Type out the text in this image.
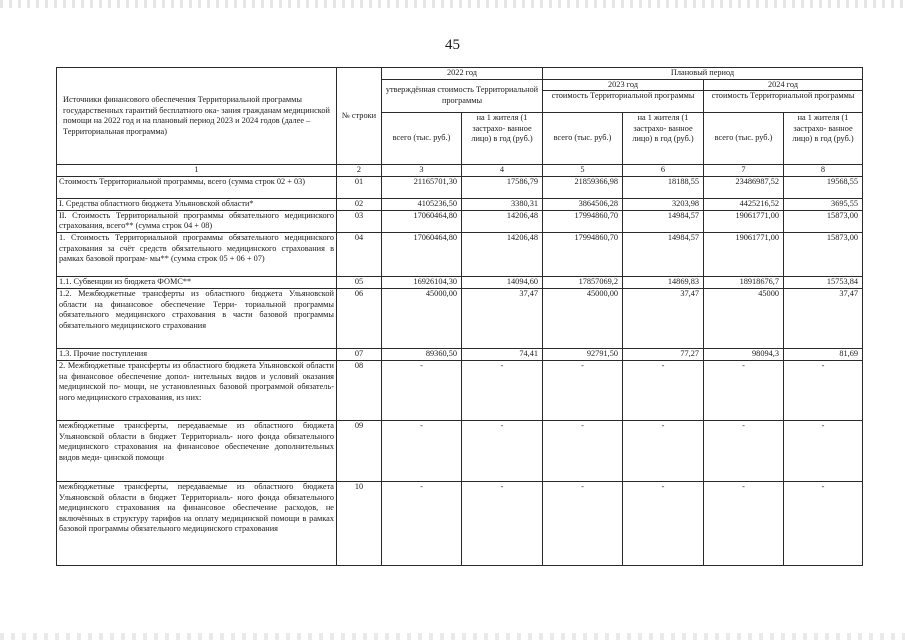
45
Источники финансового обеспечения Территориальной программы государственных гарантий бесплатного ока- зания гражданам медицинской помощи на 2022 год и на плановый период 2023 и 2024 годов (далее – Территориальная программа)	№ строки	2022 год		Плановый период			
		утверждённая стоимость Территориальной программы		2023 год		2024 год	
				стоимость Территориальной программы		стоимость Территориальной программы	
		всего (тыс. руб.)	на 1 жителя (1 застрахо- ванное лицо) в год (руб.)	всего (тыс. руб.)	на 1 жителя (1 застрахо- ванное лицо) в год (руб.)	всего (тыс. руб.)	на 1 жителя (1 застрахо- ванное лицо) в год (руб.)
1	2	3	4	5	6	7	8
Стоимость Территориальной программы, всего (сумма строк 02 + 03)	01	21165701,30	17586,79	21859366,98	18188,55	23486987,52	19568,55
I. Средства областного бюджета Ульяновской области*	02	4105236,50	3380,31	3864506,28	3203,98	4425216,52	3695,55
II. Стоимость Территориальной программы обязательного медицинского страхования, всего** (сумма строк 04 + 08)	03	17060464,80	14206,48	17994860,70	14984,57	19061771,00	15873,00
1. Стоимость Территориальной программы обязательного медицинского страхования за счёт средств обязательного медицинского страхования в рамках базовой програм- мы** (сумма строк 05 + 06 + 07)	04	17060464,80	14206,48	17994860,70	14984,57	19061771,00	15873,00
1.1. Субвенции из бюджета ФОМС**	05	16926104,30	14094,60	17857069,2	14869,83	18918676,7	15753,84
1.2. Межбюджетные трансферты из областного бюджета Ульяновской области на финансовое обеспечение Терри- ториальной программы обязательного медицинского страхования в части базовой программы обязательного медицинского страхования	06	45000,00	37,47	45000,00	37,47	45000	37,47
1.3. Прочие поступления	07	89360,50	74,41	92791,50	77,27	98094,3	81,69
2. Межбюджетные трансферты из областного бюджета Ульяновской области на финансовое обеспечение допол- нительных видов и условий оказания медицинской по- мощи, не установленных базовой программой обязатель- ного медицинского страхования, из них:	08	-	-	-	-	-	-
межбюджетные трансферты, передаваемые из областного бюджета Ульяновской области в бюджет Территориаль- ного фонда обязательного медицинского страхования на финансовое обеспечение дополнительных видов меди- цинской помощи	09	-	-	-	-	-	-
межбюджетные трансферты, передаваемые из областного бюджета Ульяновской области в бюджет Территориаль- ного фонда обязательного медицинского страхования на финансовое обеспечение расходов, не включённых в структуру тарифов на оплату медицинской помощи в рамках базовой программы обязательного медицинского страхования	10	-	-	-	-	-	-
